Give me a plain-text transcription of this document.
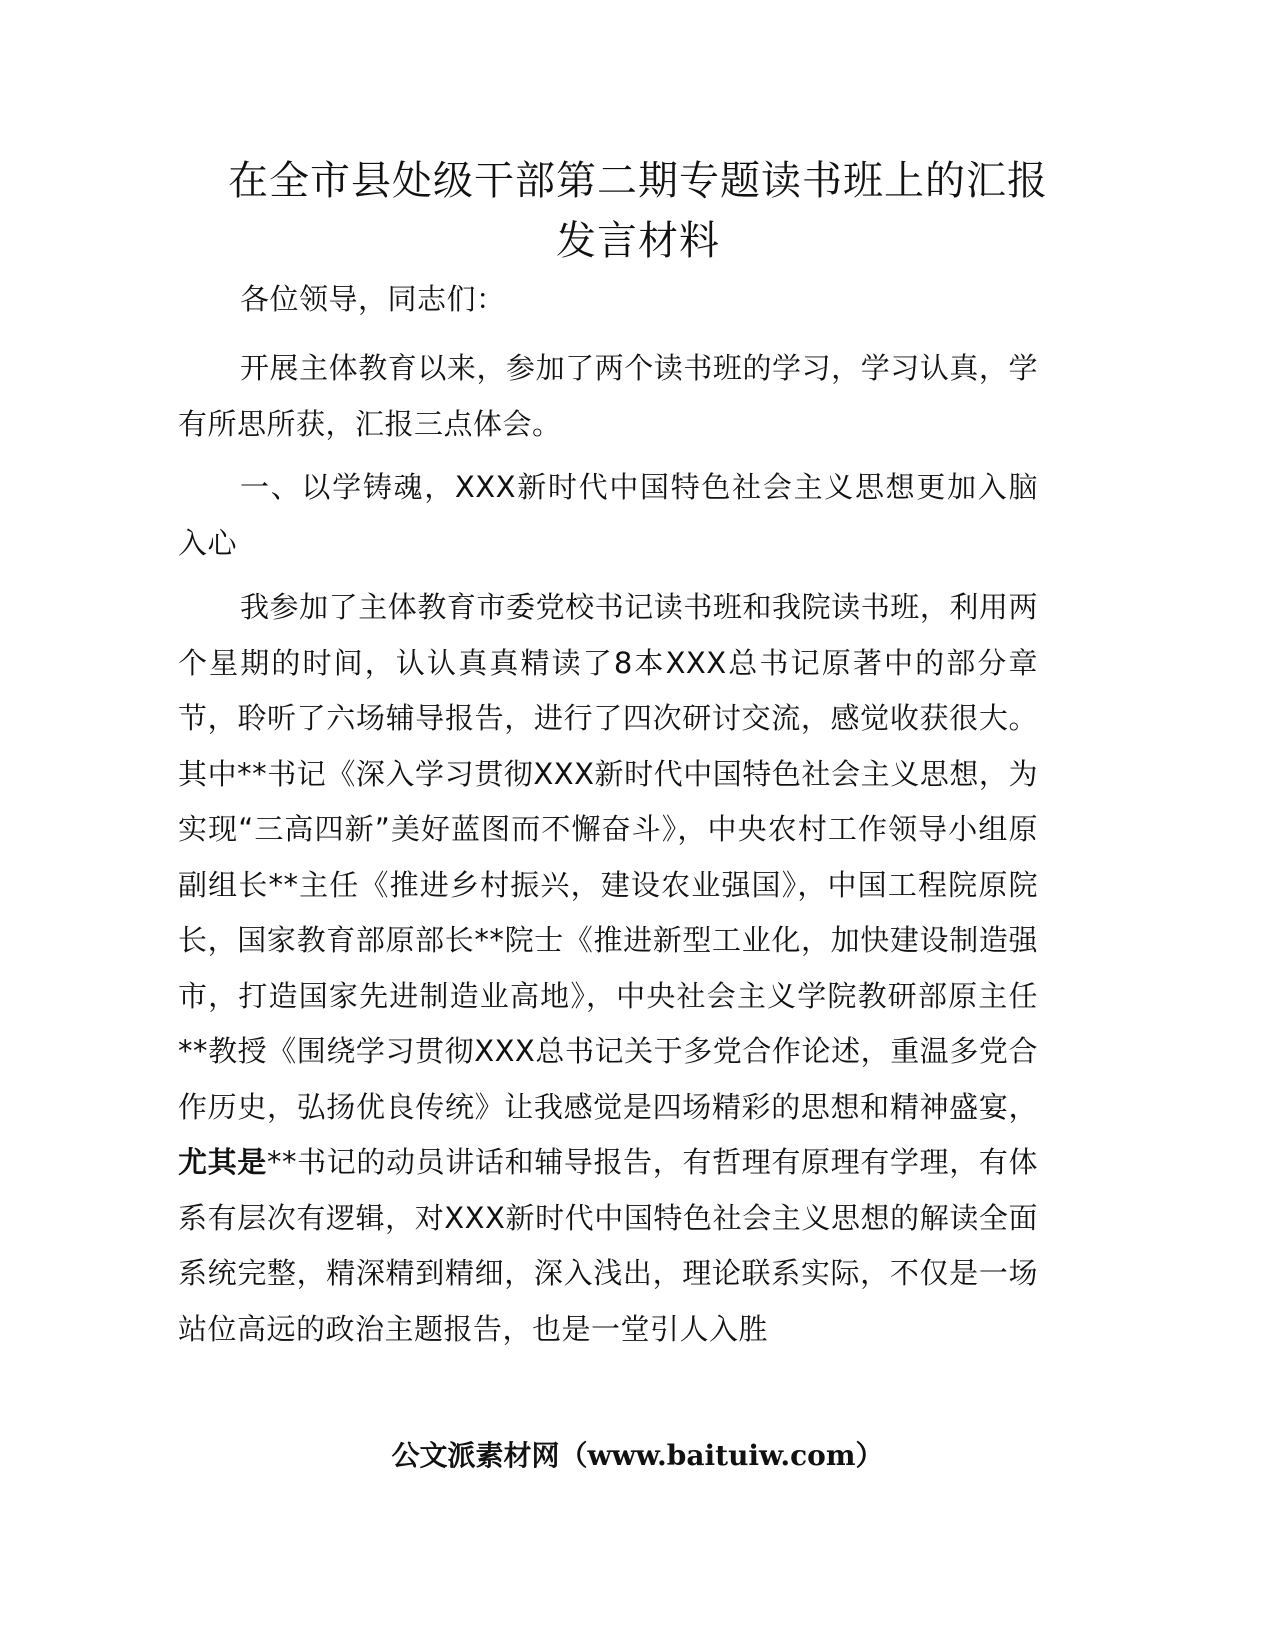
在全市县处级干部第二期专题读书班上的汇报
发言材料

各位领导，同志们：

开展主体教育以来，参加了两个读书班的学习，学习认真，学有所思所获，汇报三点体会。

一、以学铸魂，XXX新时代中国特色社会主义思想更加入脑入心

我参加了主体教育市委党校书记读书班和我院读书班，利用两个星期的时间，认认真真精读了8本XXX总书记原著中的部分章节，聆听了六场辅导报告，进行了四次研讨交流，感觉收获很大。其中**书记《深入学习贯彻XXX新时代中国特色社会主义思想，为实现“三高四新”美好蓝图而不懈奋斗》，中央农村工作领导小组原副组长**主任《推进乡村振兴，建设农业强国》，中国工程院原院长，国家教育部原部长**院士《推进新型工业化，加快建设制造强市，打造国家先进制造业高地》，中央社会主义学院教研部原主任**教授《围绕学习贯彻XXX总书记关于多党合作论述，重温多党合作历史，弘扬优良传统》让我感觉是四场精彩的思想和精神盛宴，尤其是**书记的动员讲话和辅导报告，有哲理有原理有学理，有体系有层次有逻辑，对XXX新时代中国特色社会主义思想的解读全面系统完整，精深精到精细，深入浅出，理论联系实际，不仅是一场站位高远的政治主题报告，也是一堂引人入胜

公文派素材网（www.baituiw.com）
